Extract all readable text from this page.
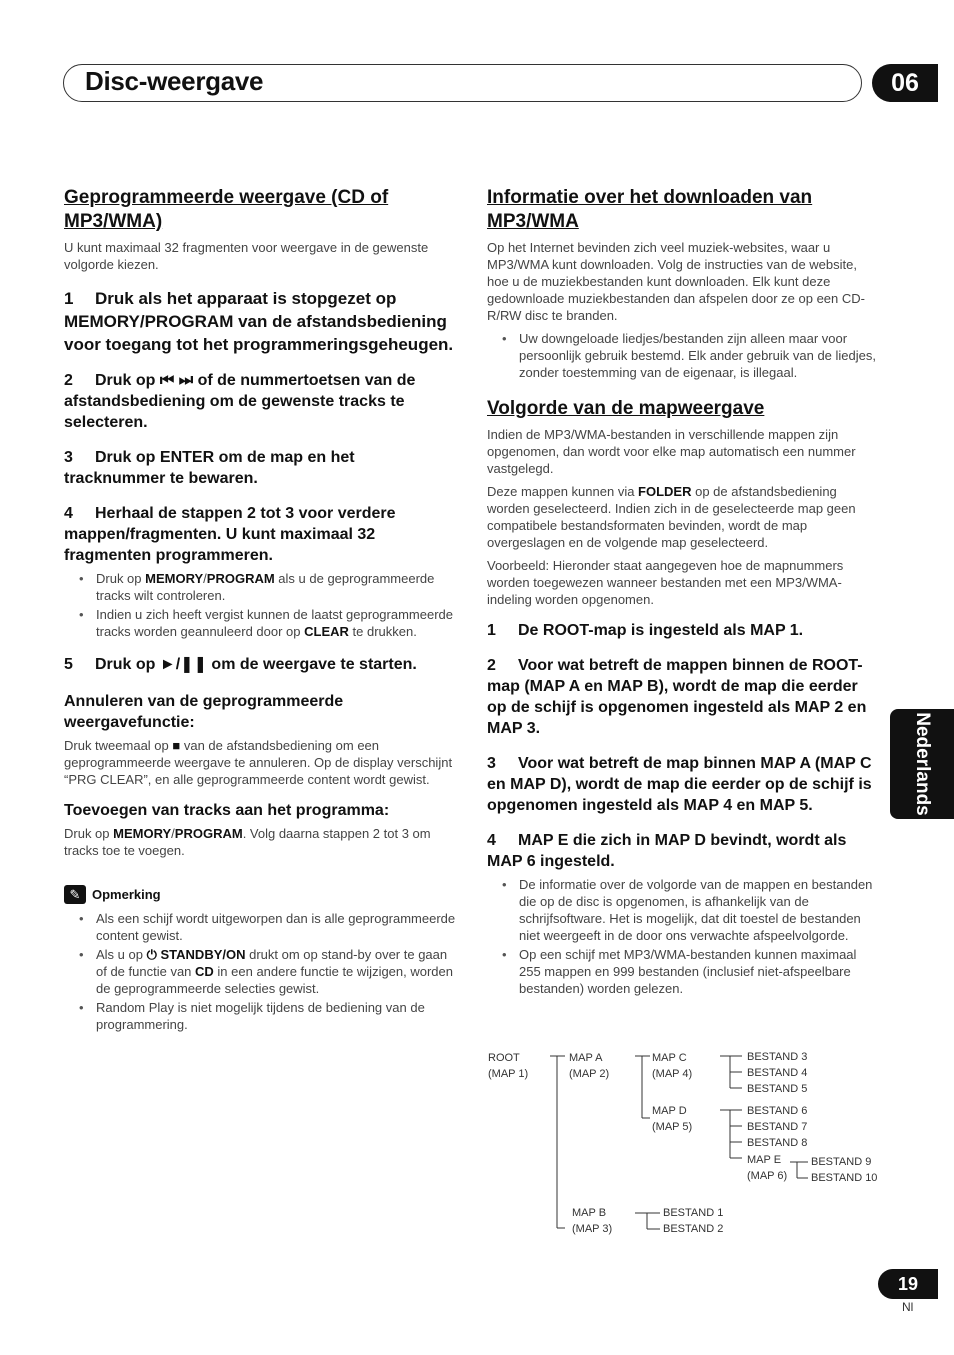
Disc-weergave	06
Geprogrammeerde weergave (CD of MP3/WMA)

U kunt maximaal 32 fragmenten voor weergave in de gewenste volgorde kiezen.

1 Druk als het apparaat is stopgezet op MEMORY/PROGRAM van de afstandsbediening voor toegang tot het programmeringsgeheugen.
2 Druk op ⏮ ⏭ of de nummertoetsen van de afstandsbediening om de gewenste tracks te selecteren.
3 Druk op ENTER om de map en het tracknummer te bewaren.
4 Herhaal de stappen 2 tot 3 voor verdere mappen/fragmenten. U kunt maximaal 32 fragmenten programmeren.
• Druk op MEMORY/PROGRAM als u de geprogrammeerde tracks wilt controleren.
• Indien u zich heeft vergist kunnen de laatst geprogrammeerde tracks worden geannuleerd door op CLEAR te drukken.
5 Druk op ►/❚❚ om de weergave te starten.
Annuleren van de geprogrammeerde weergavefunctie:

Druk tweemaal op ■ van de afstandsbediening om een geprogrammeerde weergave te annuleren. Op de display verschijnt “PRG CLEAR”, en alle geprogrammeerde content wordt gewist.

Toevoegen van tracks aan het programma:

Druk op MEMORY/PROGRAM. Volg daarna stappen 2 tot 3 om tracks toe te voegen.

✎ Opmerking
• Als een schijf wordt uitgeworpen dan is alle geprogrammeerde content gewist.
• Als u op ⏻ STANDBY/ON drukt om op stand-by over te gaan of de functie van CD in een andere functie te wijzigen, worden de geprogrammeerde selecties gewist.
• Random Play is niet mogelijk tijdens de bediening van de programmering.
Informatie over het downloaden van MP3/WMA

Op het Internet bevinden zich veel muziek-websites, waar u MP3/WMA kunt downloaden. Volg de instructies van de website, hoe u de muziekbestanden kunt downloaden. Elk kunt deze gedownloade muziekbestanden dan afspelen door ze op een CD-R/RW disc te branden.

• Uw downgeloade liedjes/bestanden zijn alleen maar voor persoonlijk gebruik bestemd. Elk ander gebruik van de liedjes, zonder toestemming van de eigenaar, is illegaal.
Volgorde van de mapweergave

Indien de MP3/WMA-bestanden in verschillende mappen zijn opgenomen, dan wordt voor elke map automatisch een nummer vastgelegd.

Deze mappen kunnen via FOLDER op de afstandsbediening worden geselecteerd. Indien zich in de geselecteerde map geen compatibele bestandsformaten bevinden, wordt de map overgeslagen en de volgende map geselecteerd.

Voorbeeld: Hieronder staat aangegeven hoe de mapnummers worden toegewezen wanneer bestanden met een MP3/WMA-indeling worden opgenomen.

1 De ROOT-map is ingesteld als MAP 1.
2 Voor wat betreft de mappen binnen de ROOT-map (MAP A en MAP B), wordt de map die eerder op de schijf is opgenomen ingesteld als MAP 2 en MAP 3.
3 Voor wat betreft de map binnen MAP A (MAP C en MAP D), wordt de map die eerder op de schijf is opgenomen ingesteld als MAP 4 en MAP 5.
4 MAP E die zich in MAP D bevindt, wordt als MAP 6 ingesteld.
• De informatie over de volgorde van de mappen en bestanden die op de disc is opgenomen, is afhankelijk van de schrijfsoftware. Het is mogelijk, dat dit toestel de bestanden niet weergeeft in de door ons verwachte afspeelvolgorde.
• Op een schijf met MP3/WMA-bestanden kunnen maximaal 255 mappen en 999 bestanden (inclusief niet-afspeelbare bestanden) worden gelezen.
ROOT
(MAP 1)
MAP A
(MAP 2)
MAP C
(MAP 4)
MAP D
(MAP 5)
MAP E
(MAP 6)
MAP B
(MAP 3)
BESTAND 3
BESTAND 4
BESTAND 5
BESTAND 6
BESTAND 7
BESTAND 8
BESTAND 9
BESTAND 10
BESTAND 1
BESTAND 2
Nederlands
19
Nl
